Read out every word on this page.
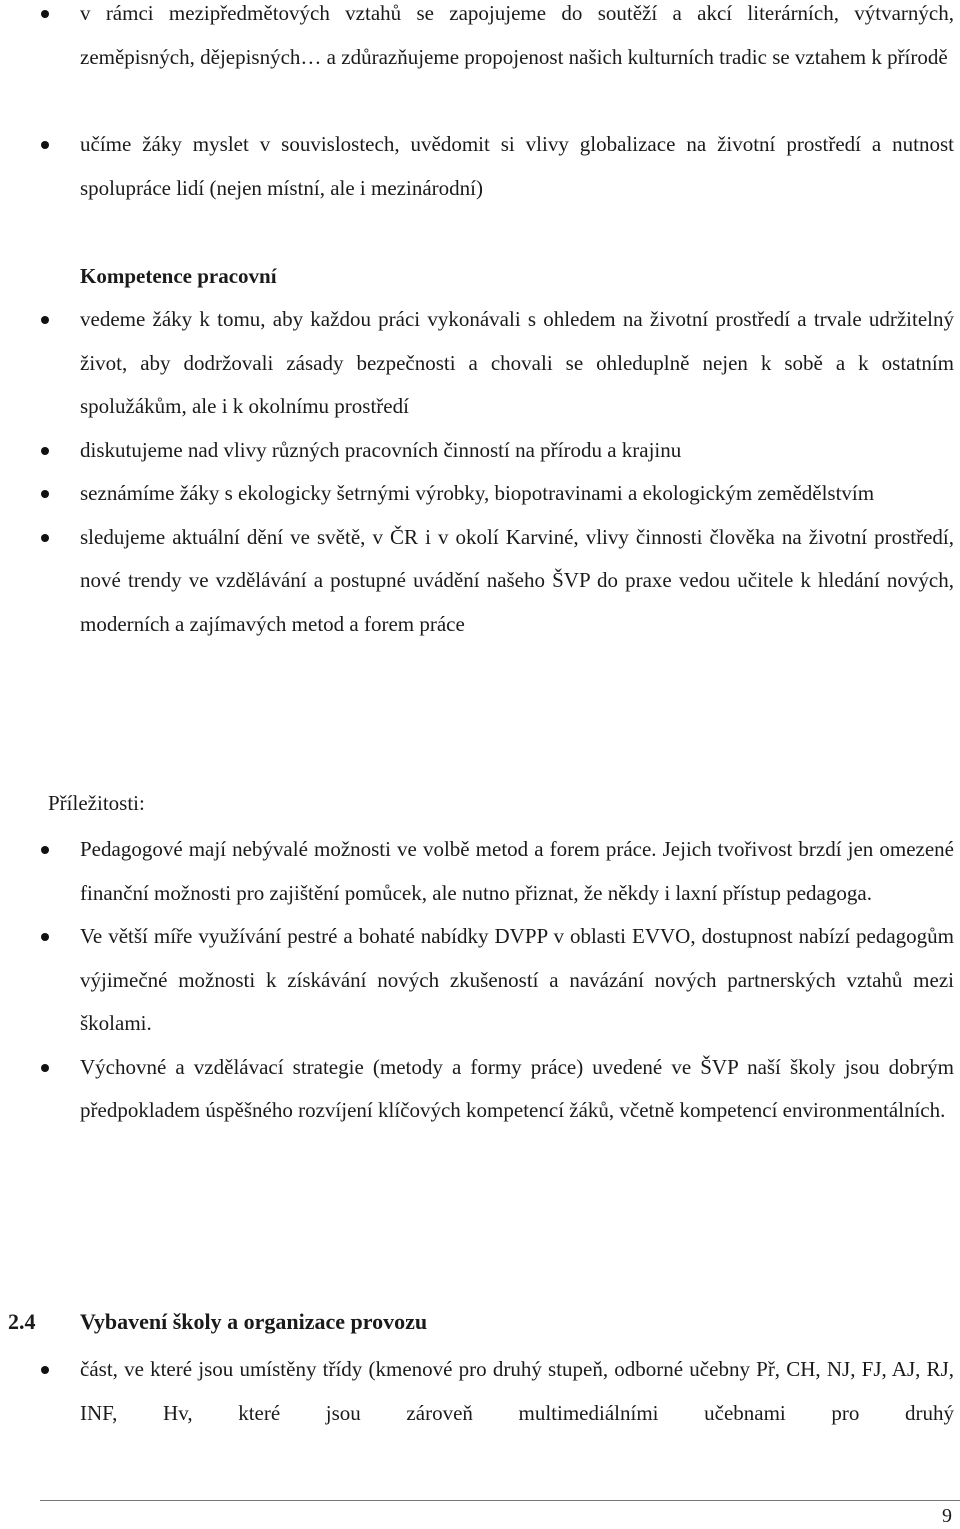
v rámci mezipředmětových vztahů se zapojujeme do soutěží a akcí literárních, výtvarných, zeměpisných, dějepisných… a zdůrazňujeme propojenost našich kulturních tradic se vztahem k přírodě
učíme žáky myslet v souvislostech, uvědomit si vlivy globalizace na životní prostředí a nutnost spolupráce lidí (nejen místní, ale i mezinárodní)
Kompetence pracovní
vedeme žáky k tomu, aby každou práci vykonávali s ohledem na životní prostředí a trvale udržitelný život, aby dodržovali zásady bezpečnosti a chovali se ohleduplně nejen k sobě a k ostatním spolužákům, ale i k okolnímu prostředí
diskutujeme nad vlivy různých pracovních činností na přírodu a krajinu
seznámíme žáky s ekologicky šetrnými výrobky, biopotravinami a ekologickým zemědělstvím
sledujeme aktuální dění ve světě, v ČR i v okolí Karviné, vlivy činnosti člověka na životní prostředí, nové trendy ve vzdělávání a postupné uvádění našeho ŠVP do praxe vedou učitele k hledání nových, moderních a zajímavých metod a forem práce
Příležitosti:
Pedagogové mají nebývalé možnosti ve volbě metod a forem práce. Jejich tvořivost brzdí jen omezené finanční možnosti pro zajištění pomůcek, ale nutno přiznat, že někdy i laxní přístup pedagoga.
Ve větší míře využívání pestré a bohaté nabídky DVPP v oblasti EVVO, dostupnost nabízí pedagogům výjimečné možnosti k získávání nových zkušeností a navázání nových partnerských vztahů mezi školami.
Výchovné a vzdělávací strategie (metody a formy práce) uvedené ve ŠVP naší školy jsou dobrým předpokladem úspěšného rozvíjení klíčových kompetencí žáků, včetně kompetencí environmentálních.
2.4 Vybavení školy a organizace provozu
část, ve které jsou umístěny třídy (kmenové pro druhý stupeň, odborné učebny Př, CH, NJ, FJ, AJ, RJ, INF, Hv, které jsou zároveň multimediálními učebnami pro druhý
9
